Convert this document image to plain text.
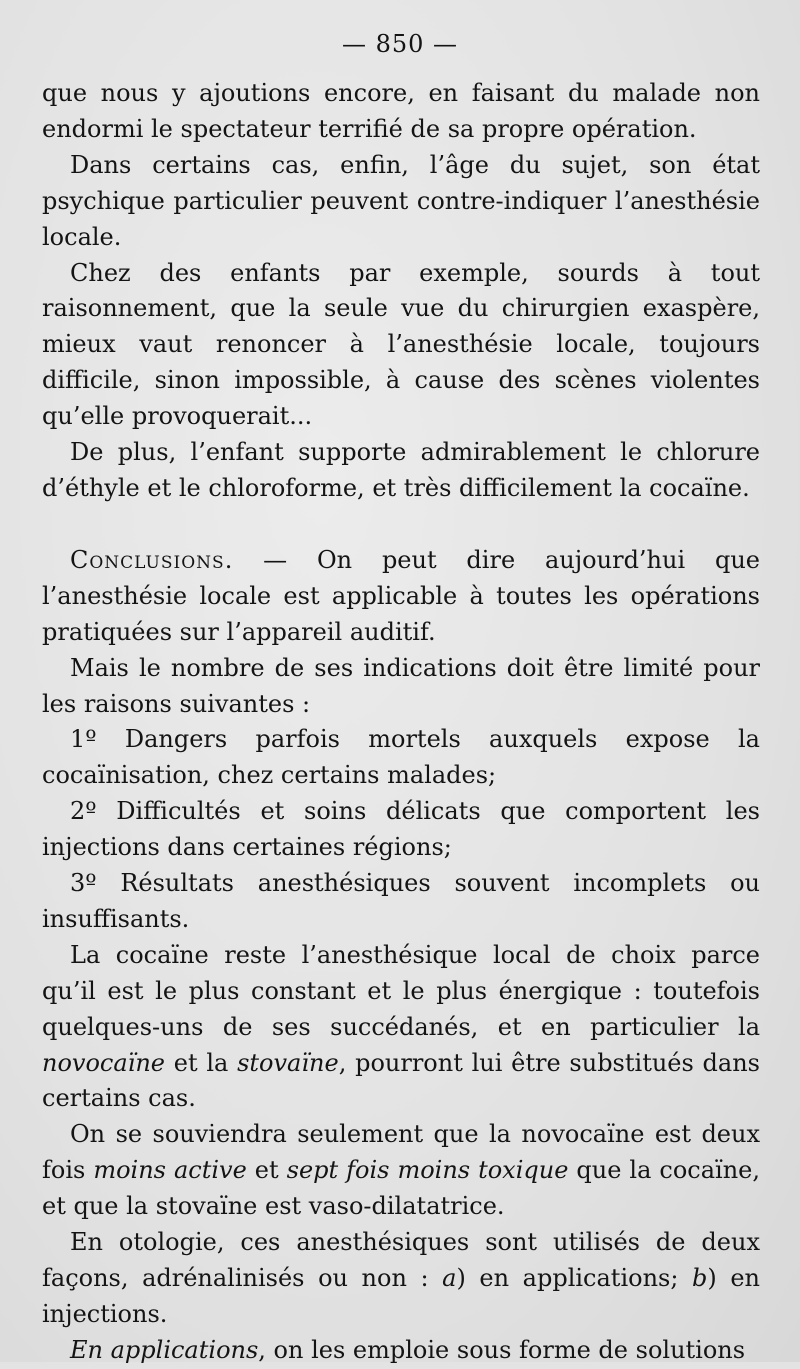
— 850 —

que nous y ajoutions encore, en faisant du malade non endormi le spectateur terrifié de sa propre opération.

Dans certains cas, enfin, l’âge du sujet, son état psychique particulier peuvent contre-indiquer l’anesthésie locale.

Chez des enfants par exemple, sourds à tout raisonnement, que la seule vue du chirurgien exaspère, mieux vaut renoncer à l’anesthésie locale, toujours difficile, sinon impossible, à cause des scènes violentes qu’elle provoquerait...

De plus, l’enfant supporte admirablement le chlorure d’éthyle et le chloroforme, et très difficilement la cocaïne.

Conclusions. — On peut dire aujourd’hui que l’anesthésie locale est applicable à toutes les opérations pratiquées sur l’appareil auditif.

Mais le nombre de ses indications doit être limité pour les raisons suivantes :

1º Dangers parfois mortels auxquels expose la cocaïnisation, chez certains malades;

2º Difficultés et soins délicats que comportent les injections dans certaines régions;

3º Résultats anesthésiques souvent incomplets ou insuffisants.

La cocaïne reste l’anesthésique local de choix parce qu’il est le plus constant et le plus énergique : toutefois quelques-uns de ses succédanés, et en particulier la novocaïne et la stovaïne, pourront lui être substitués dans certains cas.

On se souviendra seulement que la novocaïne est deux fois moins active et sept fois moins toxique que la cocaïne, et que la stovaïne est vaso-dilatatrice.

En otologie, ces anesthésiques sont utilisés de deux façons, adrénalinisés ou non : a) en applications; b) en injections.

En applications, on les emploie sous forme de solutions
